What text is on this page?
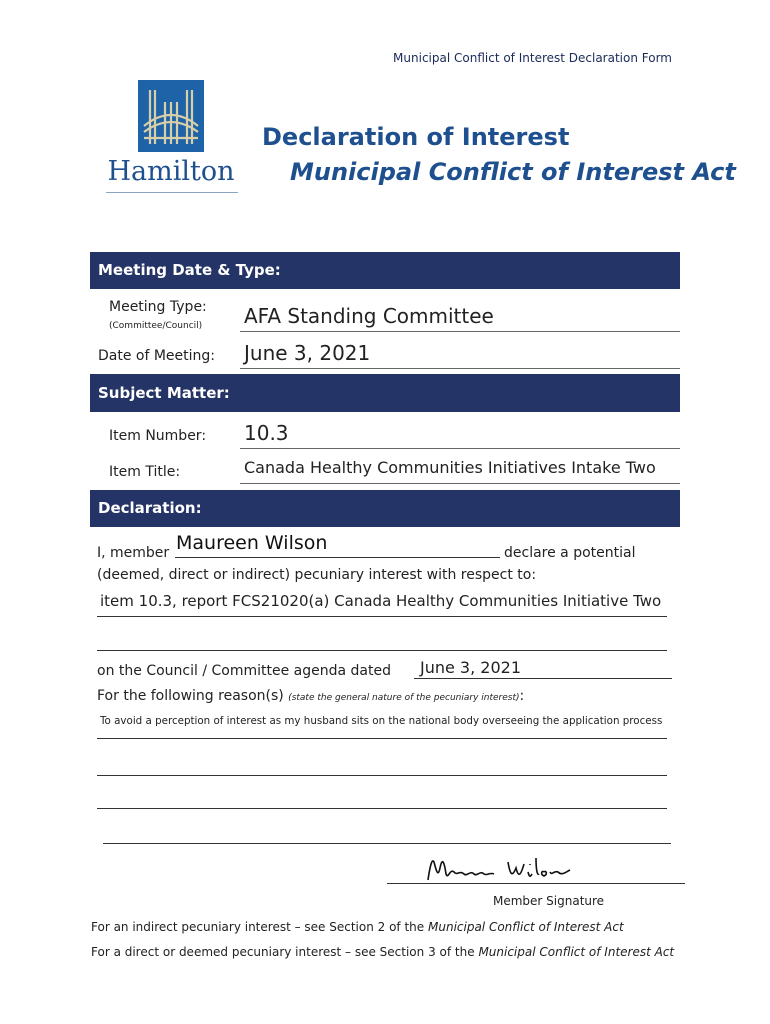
Municipal Conflict of Interest Declaration Form
Hamilton
Declaration of Interest
Municipal Conflict of Interest Act
Meeting Date & Type:
Meeting Type:
(Committee/Council) AFA Standing Committee
Date of Meeting: June 3, 2021
Subject Matter:
Item Number: 10.3
Item Title:	Canada Healthy Communities Initiatives Intake Two
Declaration:
I, member Maureen Wilson	declare a potential
(deemed, direct or indirect) pecuniary interest with respect to:
item 10.3, report FCS21020(a) Canada Healthy Communities Initiative Two
on the Council / Committee agenda dated June 3, 2021
For the following reason(s) (state the general nature of the pecuniary interest):
To avoid a perception of interest as my husband sits on the national body overseeing the application process
Maureen Wilson
Member Signature
For an indirect pecuniary interest – see Section 2 of the Municipal Conflict of Interest Act
For a direct or deemed pecuniary interest – see Section 3 of the Municipal Conflict of Interest Act
